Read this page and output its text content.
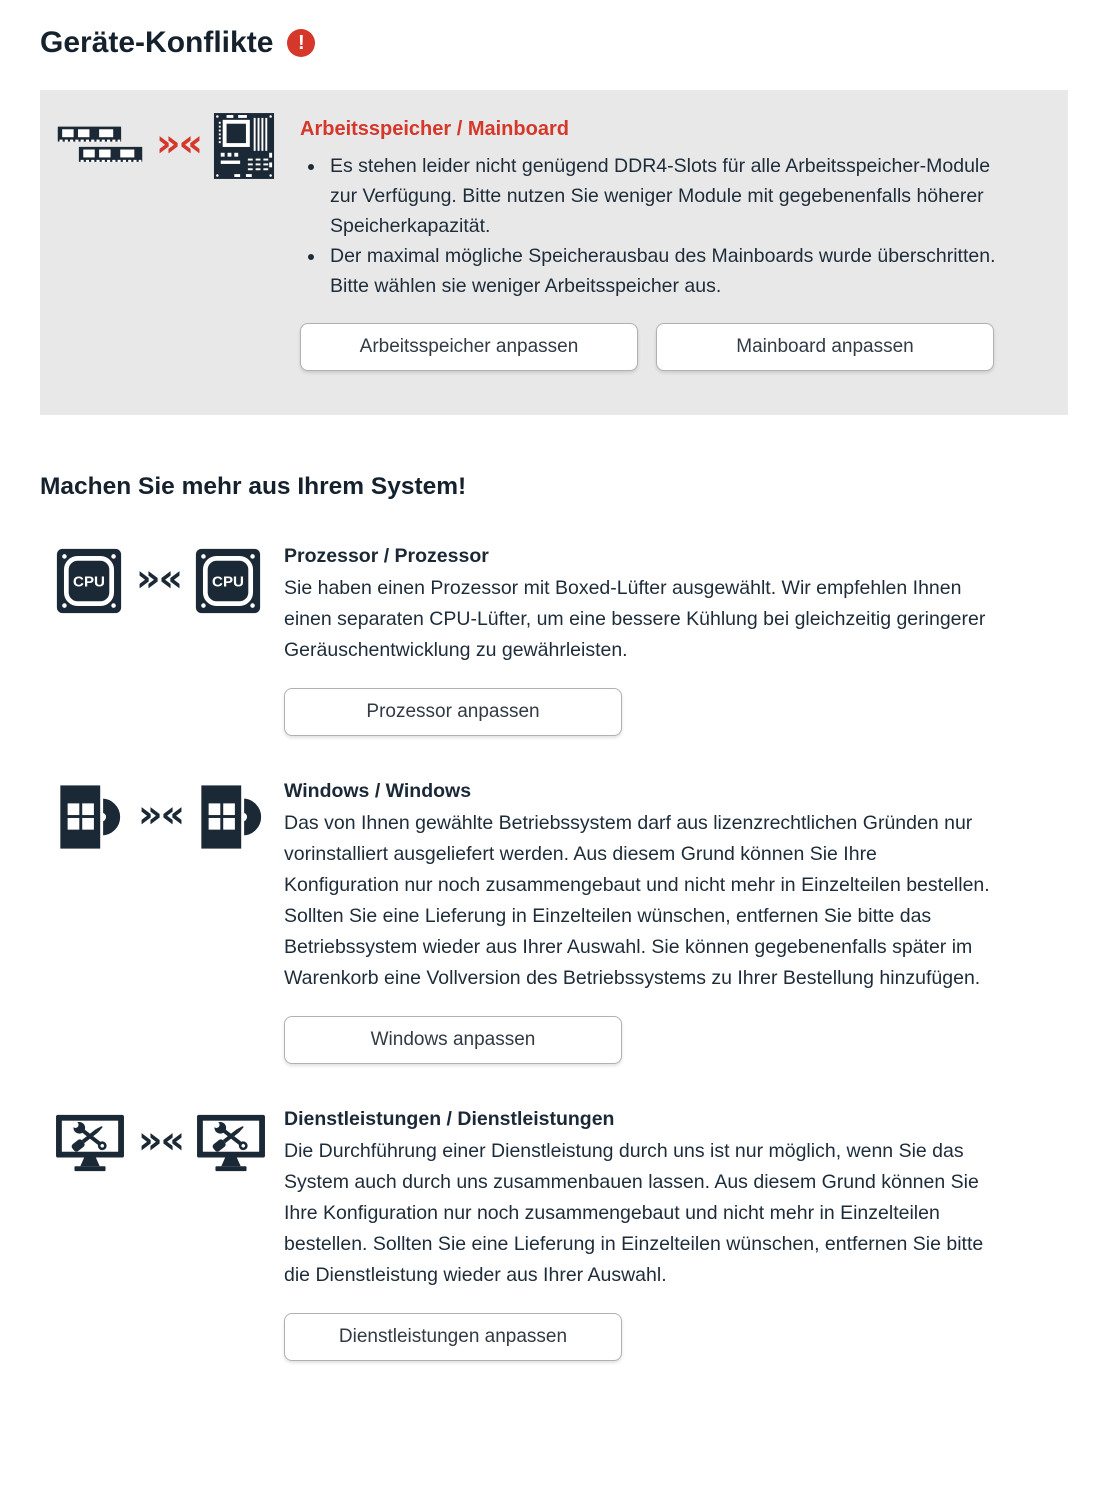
Geräte-Konflikte !
»«	Arbeitsspeicher / Mainboard
• Es stehen leider nicht genügend DDR4-Slots für alle Arbeitsspeicher-Module zur Verfügung. Bitte nutzen Sie weniger Module mit gegebenenfalls höherer Speicherkapazität.
• Der maximal mögliche Speicherausbau des Mainboards wurde überschritten. Bitte wählen sie weniger Arbeitsspeicher aus.
Arbeitsspeicher anpassen	Mainboard anpassen
Machen Sie mehr aus Ihrem System!
CPU »« CPU
Prozessor / Prozessor

Sie haben einen Prozessor mit Boxed-Lüfter ausgewählt. Wir empfehlen Ihnen einen separaten CPU-Lüfter, um eine bessere Kühlung bei gleichzeitig geringerer Geräuschentwicklung zu gewährleisten.

Prozessor anpassen
»«
Windows / Windows

Das von Ihnen gewählte Betriebssystem darf aus lizenzrechtlichen Gründen nur vorinstalliert ausgeliefert werden. Aus diesem Grund können Sie Ihre Konfiguration nur noch zusammengebaut und nicht mehr in Einzelteilen bestellen. Sollten Sie eine Lieferung in Einzelteilen wünschen, entfernen Sie bitte das Betriebssystem wieder aus Ihrer Auswahl. Sie können gegebenenfalls später im Warenkorb eine Vollversion des Betriebssystems zu Ihrer Bestellung hinzufügen.

Windows anpassen
»«	Dienstleistungen / Dienstleistungen

Die Durchführung einer Dienstleistung durch uns ist nur möglich, wenn Sie das System auch durch uns zusammenbauen lassen. Aus diesem Grund können Sie Ihre Konfiguration nur noch zusammengebaut und nicht mehr in Einzelteilen bestellen. Sollten Sie eine Lieferung in Einzelteilen wünschen, entfernen Sie bitte die Dienstleistung wieder aus Ihrer Auswahl.

Dienstleistungen anpassen
